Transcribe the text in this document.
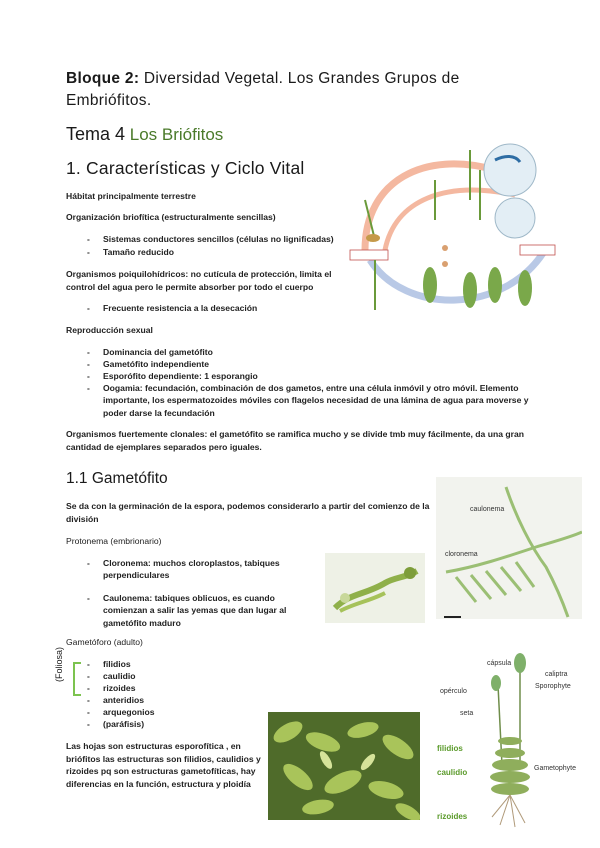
Bloque 2: Diversidad Vegetal. Los Grandes Grupos de Embriófitos.
Tema 4 Los Briófitos
1. Características y Ciclo Vital
Hábitat principalmente terrestre
Organización briofítica (estructuralmente sencillas)
- Sistemas conductores sencillos (células no lignificadas)
- Tamaño reducido
Organismos poiquilohídricos: no cutícula de protección, limita el control del agua pero le permite absorber por todo el cuerpo
- Frecuente resistencia a la desecación
Reproducción sexual
- Dominancia del gametófito
- Gametófito independiente
- Esporófito dependiente: 1 esporangio
- Oogamia: fecundación, combinación de dos gametos, entre una célula inmóvil y otro móvil. Elemento importante, los espermatozoides móviles con flagelos necesidad de una lámina de agua para moverse y poder darse la fecundación
Organismos fuertemente clonales: el gametófito se ramifica mucho y se divide tmb muy fácilmente, da una gran cantidad de ejemplares separados pero iguales.
1.1 Gametófito
Se da con la germinación de la espora, podemos considerarlo a partir del comienzo de la división
Protonema (embrionario)
- Cloronema: muchos cloroplastos, tabiques perpendiculares
- Caulonema: tabiques oblicuos, es cuando comienzan a salir las yemas que dan lugar al gametófito maduro
caulonema
cloronema
Gametóforo (adulto)
(Foliosa)	- filidios
- caulidio
- rizoides
- anteridios
- arquegonios
- (paráfisis)
Las hojas son estructuras esporofítica , en briófitos las estructuras son filidios, caulidios y rizoides pq son estructuras gametofíticas, hay diferencias en la función, estructura y ploidía
cápsula
caliptra
Sporophyte
opérculo
seta
Gametophyte
filidios
caulidio
rizoides
